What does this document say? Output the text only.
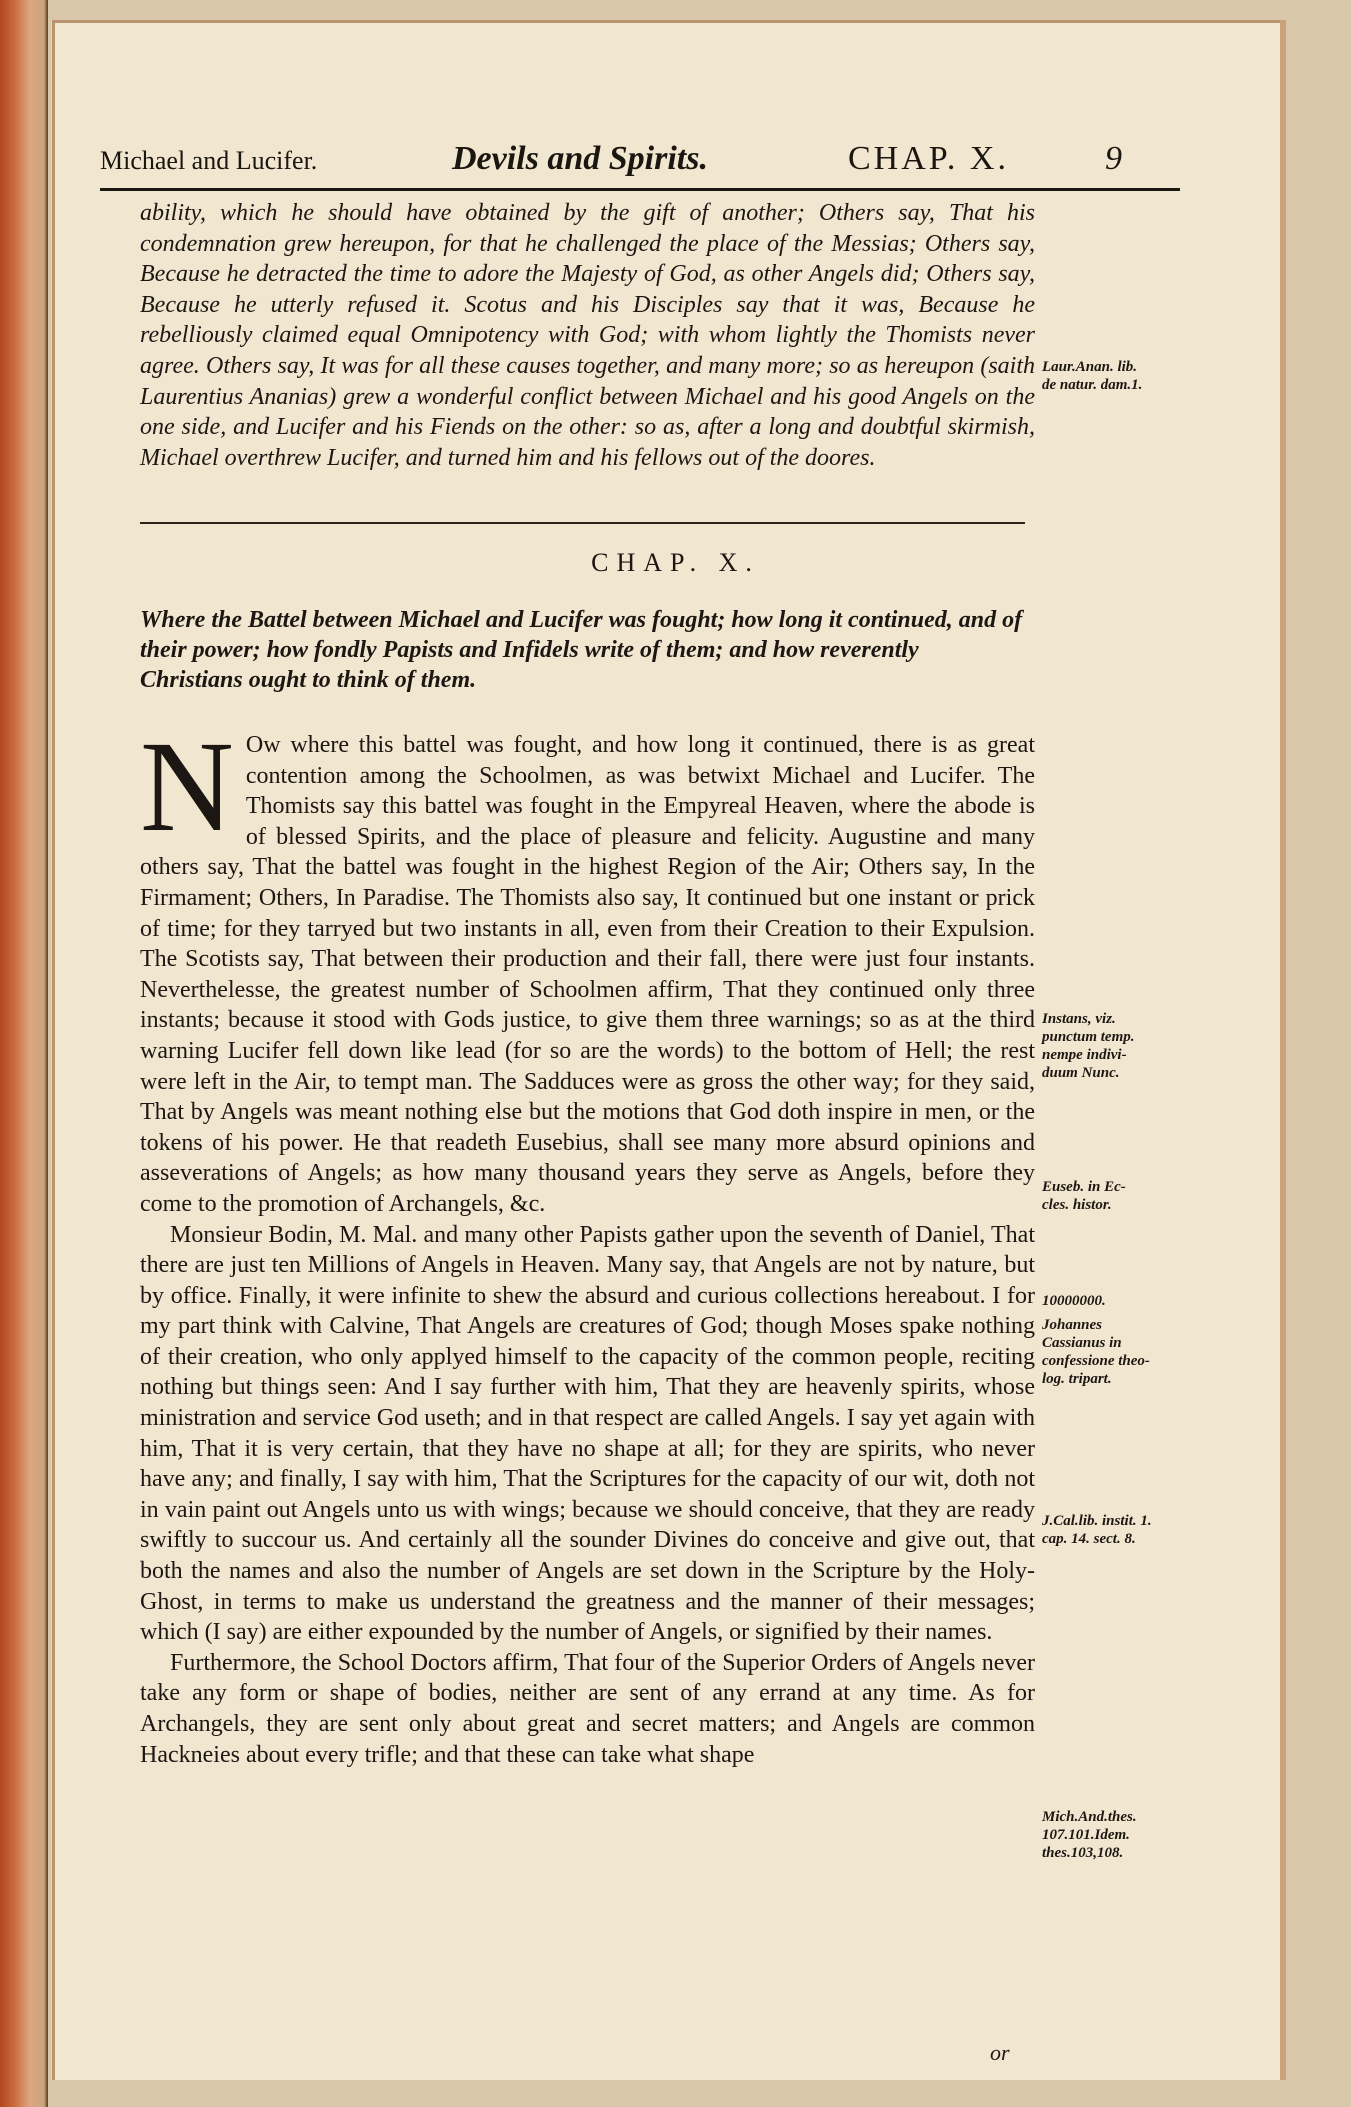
Michael and Lucifer.	Devils and Spirits.	CHAP. X.	9

ability, which he should have obtained by the gift of another; Others say, That his condemnation grew hereupon, for that he challenged the place of the Messias; Others say, Because he detracted the time to adore the Majesty of God, as other Angels did; Others say, Because he utterly refused it. Scotus and his Disciples say that it was, Because he rebelliously claimed equal Omnipotency with God; with whom lightly the Thomists never agree. Others say, It was for all these causes together, and many more; so as hereupon (saith Laurentius Ananias) grew a wonderful conflict between Michael and his good Angels on the one side, and Lucifer and his Fiends on the other: so as, after a long and doubtful skirmish, Michael overthrew Lucifer, and turned him and his fellows out of the doores.

Laur.Anan. lib. de natur. dam.1.
CHAP. X.
Where the Battel between Michael and Lucifer was fought; how long it continued, and of their power; how fondly Papists and Infidels write of them; and how reverently Christians ought to think of them.

N Ow where this battel was fought, and how long it continued, there is as great contention among the Schoolmen, as was betwixt Michael and Lucifer. The Thomists say this battel was fought in the Empyreal Heaven, where the abode is of blessed Spirits, and the place of pleasure and felicity. Augustine and many others say, That the battel was fought in the highest Region of the Air; Others say, In the Firmament; Others, In Paradise. The Thomists also say, It continued but one instant or prick of time; for they tarryed but two instants in all, even from their Creation to their Expulsion. The Scotists say, That between their production and their fall, there were just four instants. Neverthelesse, the greatest number of Schoolmen affirm, That they continued only three instants; because it stood with Gods justice, to give them three warnings; so as at the third warning Lucifer fell down like lead (for so are the words) to the bottom of Hell; the rest were left in the Air, to tempt man. The Sadduces were as gross the other way; for they said, That by Angels was meant nothing else but the motions that God doth inspire in men, or the tokens of his power. He that readeth Eusebius, shall see many more absurd opinions and asseverations of Angels; as how many thousand years they serve as Angels, before they come to the promotion of Archangels, &c.

Monsieur Bodin, M. Mal. and many other Papists gather upon the seventh of Daniel, That there are just ten Millions of Angels in Heaven. Many say, that Angels are not by nature, but by office. Finally, it were infinite to shew the absurd and curious collections hereabout. I for my part think with Calvine, That Angels are creatures of God; though Moses spake nothing of their creation, who only applyed himself to the capacity of the common people, reciting nothing but things seen: And I say further with him, That they are heavenly spirits, whose ministration and service God useth; and in that respect are called Angels. I say yet again with him, That it is very certain, that they have no shape at all; for they are spirits, who never have any; and finally, I say with him, That the Scriptures for the capacity of our wit, doth not in vain paint out Angels unto us with wings; because we should conceive, that they are ready swiftly to succour us. And certainly all the sounder Divines do conceive and give out, that both the names and also the number of Angels are set down in the Scripture by the Holy-Ghost, in terms to make us understand the greatness and the manner of their messages; which (I say) are either expounded by the number of Angels, or signified by their names.

Furthermore, the School Doctors affirm, That four of the Superior Orders of Angels never take any form or shape of bodies, neither are sent of any errand at any time. As for Archangels, they are sent only about great and secret matters; and Angels are common Hackneies about every trifle; and that these can take what shape

Instans, viz. punctum temp. nempe indivi-duum Nunc.
Euseb. in Ec-cles. histor.
10000000.
Johannes Cassianus in confessione theo-log. tripart.
J.Cal.lib. instit. 1. cap. 14. sect. 8.
Mich.And.thes. 107.101.Idem. thes.103,108.
or
